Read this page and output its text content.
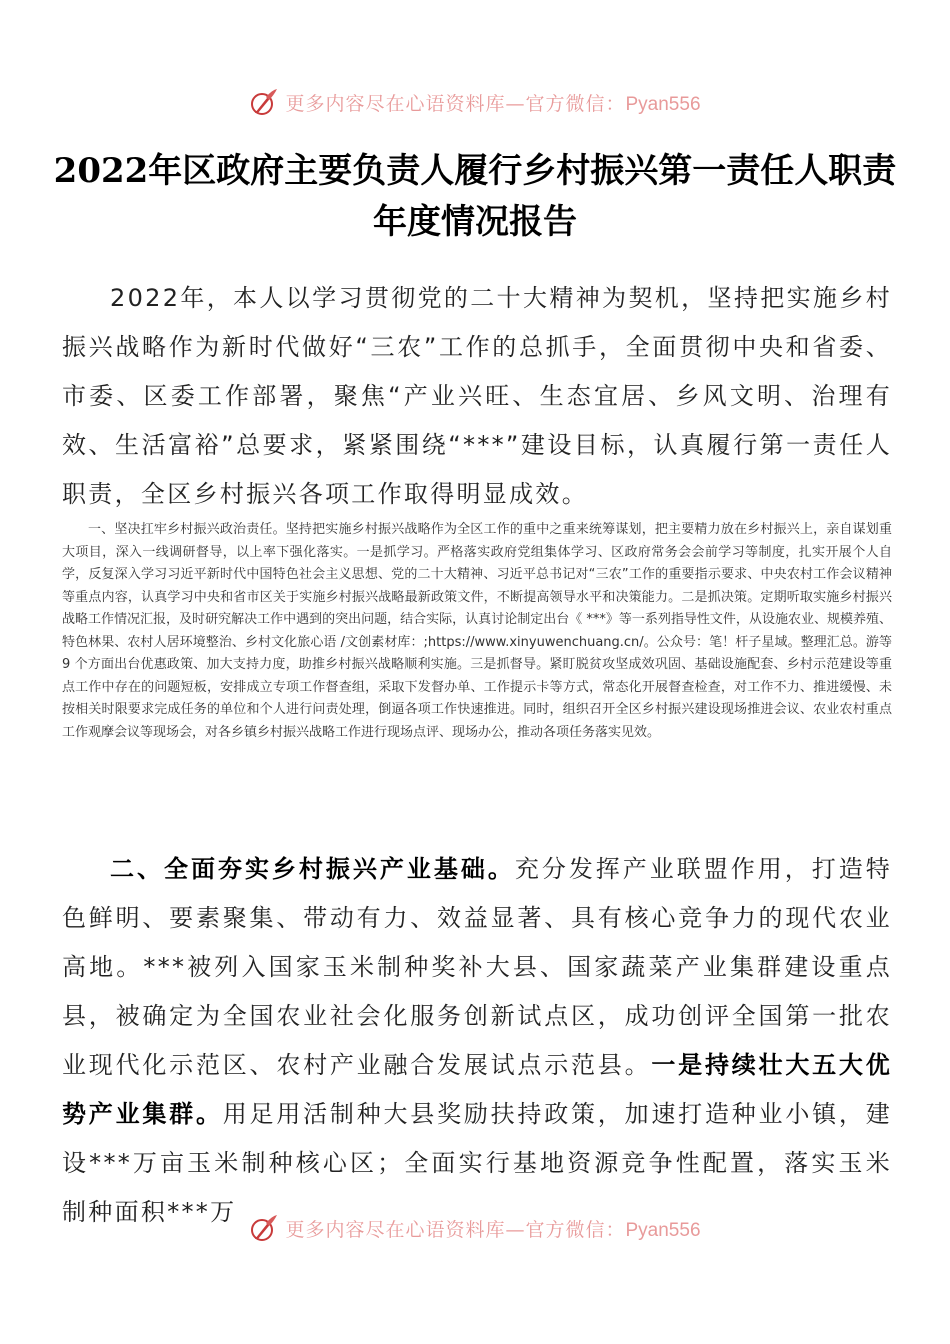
更多内容尽在心语资料库—官方微信：Pyan556
2022年区政府主要负责人履行乡村振兴第一责任人职责年度情况报告

2022年，本人以学习贯彻党的二十大精神为契机，坚持把实施乡村振兴战略作为新时代做好“三农”工作的总抓手，全面贯彻中央和省委、市委、区委工作部署，聚焦“产业兴旺、生态宜居、乡风文明、治理有效、生活富裕”总要求，紧紧围绕“***”建设目标，认真履行第一责任人职责，全区乡村振兴各项工作取得明显成效。

一、坚决扛牢乡村振兴政治责任。坚持把实施乡村振兴战略作为全区工作的重中之重来统筹谋划，把主要精力放在乡村振兴上，亲自谋划重大项目，深入一线调研督导，以上率下强化落实。一是抓学习。严格落实政府党组集体学习、区政府常务会会前学习等制度，扎实开展个人自学，反复深入学习习近平新时代中国特色社会主义思想、党的二十大精神、习近平总书记对“三农”工作的重要指示要求、中央农村工作会议精神等重点内容，认真学习中央和省市区关于实施乡村振兴战略最新政策文件，不断提高领导水平和决策能力。二是抓决策。定期听取实施乡村振兴战略工作情况汇报，及时研究解决工作中遇到的突出问题，结合实际，认真讨论制定出台《 ***》等一系列指导性文件，从设施农业、规模养殖、特色林果、农村人居环境整治、乡村文化旅心语 /文创素材库：;https://www.xinyuwenchuang.cn/。公众号：笔！杆子星域。整理汇总。游等 9 个方面出台优惠政策、加大支持力度，助推乡村振兴战略顺利实施。三是抓督导。紧盯脱贫攻坚成效巩固、基础设施配套、乡村示范建设等重点工作中存在的问题短板，安排成立专项工作督查组，采取下发督办单、工作提示卡等方式，常态化开展督查检查，对工作不力、推进缓慢、未按相关时限要求完成任务的单位和个人进行问责处理，倒逼各项工作快速推进。同时，组织召开全区乡村振兴建设现场推进会议、农业农村重点工作观摩会议等现场会，对各乡镇乡村振兴战略工作进行现场点评、现场办公，推动各项任务落实见效。

二、全面夯实乡村振兴产业基础。充分发挥产业联盟作用，打造特色鲜明、要素聚集、带动有力、效益显著、具有核心竞争力的现代农业高地。***被列入国家玉米制种奖补大县、国家蔬菜产业集群建设重点县，被确定为全国农业社会化服务创新试点区，成功创评全国第一批农业现代化示范区、农村产业融合发展试点示范县。一是持续壮大五大优势产业集群。用足用活制种大县奖励扶持政策，加速打造种业小镇，建设***万亩玉米制种核心区；全面实行基地资源竞争性配置，落实玉米制种面积***万

更多内容尽在心语资料库—官方微信：Pyan556
